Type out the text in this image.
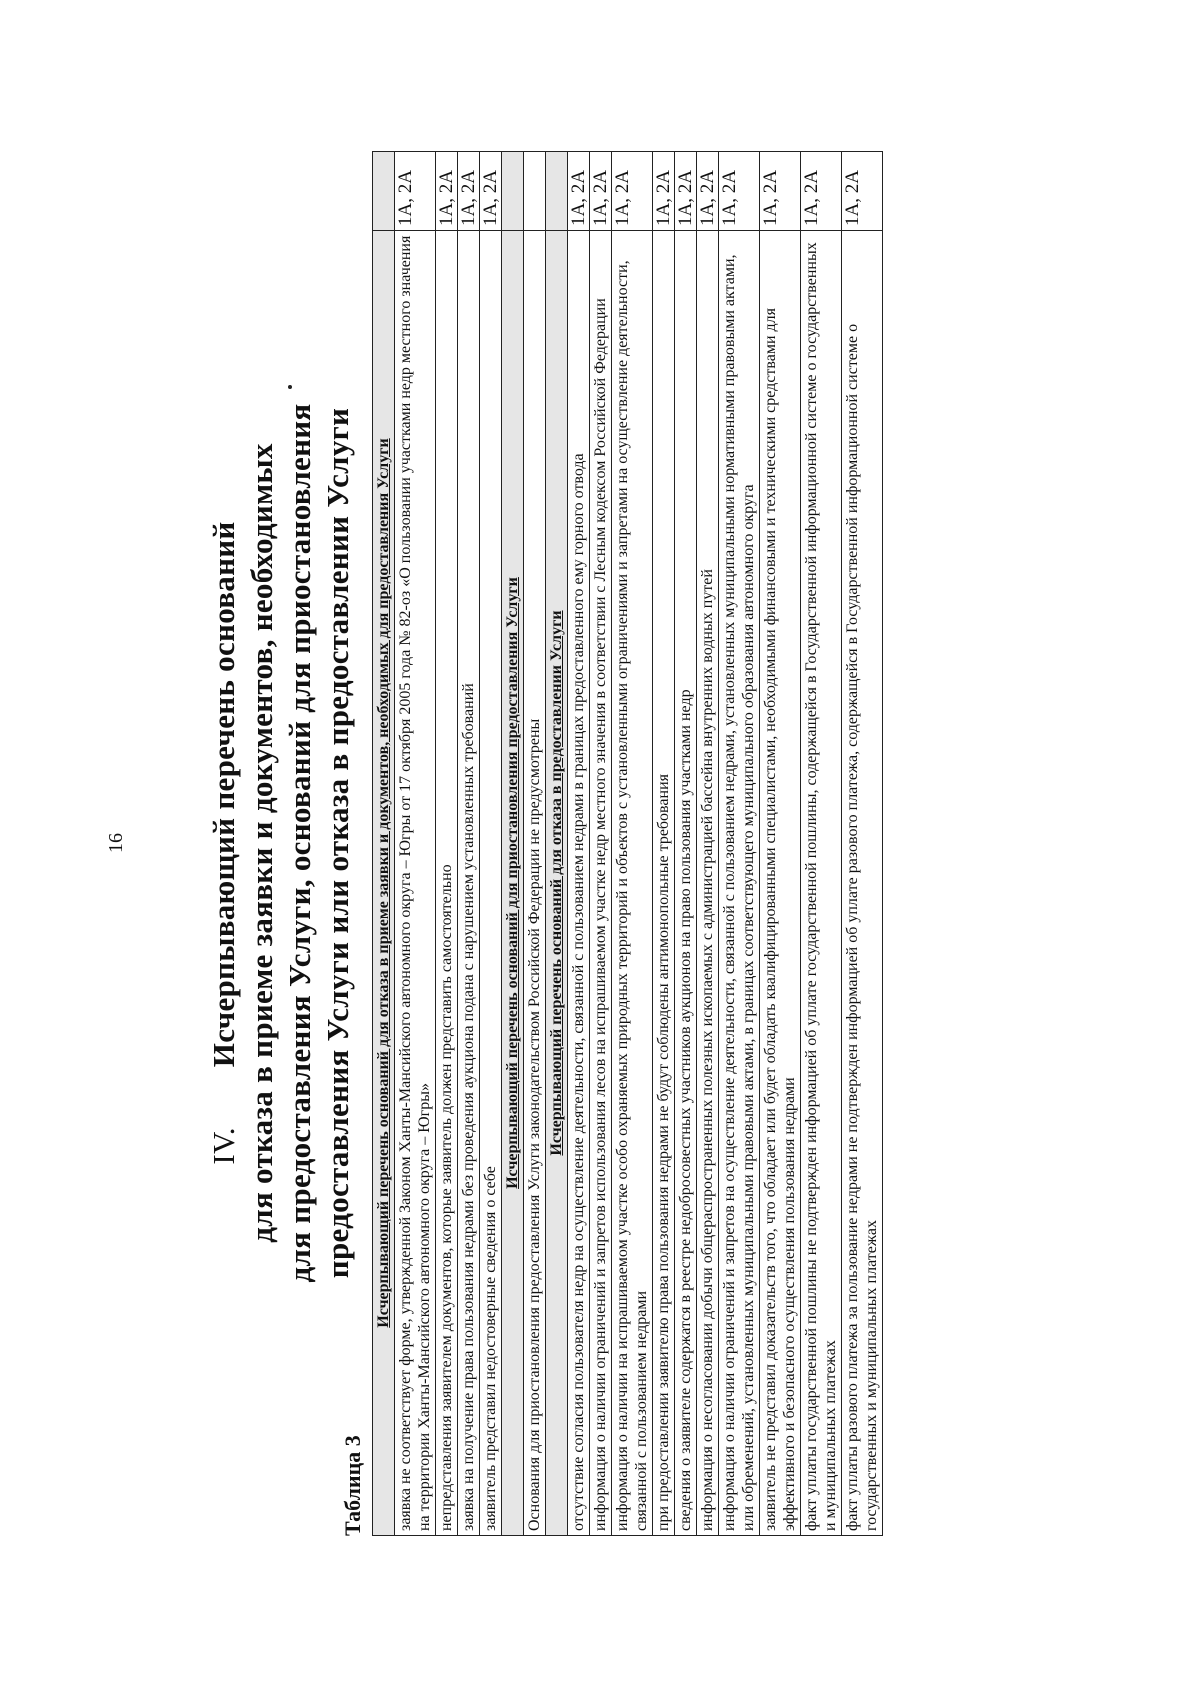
16
IV.Исчерпывающий перечень оснований для отказа в приеме заявки и документов, необходимых для предоставления Услуги, оснований для приостановления предоставления Услуги или отказа в предоставлении Услуги
Таблица 3
Исчерпывающий перечень оснований для отказа в приеме заявки и документов, необходимых для предоставления Услуги	
заявка не соответствует форме, утвержденной Законом Ханты-Мансийского автономного округа – Югры от 17 октября 2005 года № 82-оз «О пользовании участками недр местного значения на территории Ханты-Мансийского автономного округа – Югры»	1А, 2А
непредставления заявителем документов, которые заявитель должен представить самостоятельно	1А, 2А
заявка на получение права пользования недрами без проведения аукциона подана с нарушением установленных требований	1А, 2А
заявитель представил недостоверные сведения о себе	1А, 2А
Исчерпывающий перечень оснований для приостановления предоставления Услуги	
Основания для приостановления предоставления Услуги законодательством Российской Федерации не предусмотрены	
Исчерпывающий перечень оснований для отказа в предоставлении Услуги	
отсутствие согласия пользователя недр на осуществление деятельности, связанной с пользованием недрами в границах предоставленного ему горного отвода	1А, 2А
информация о наличии ограничений и запретов использования лесов на испрашиваемом участке недр местного значения в соответствии с Лесным кодексом Российской Федерации	1А, 2А
информация о наличии на испрашиваемом участке особо охраняемых природных территорий и объектов с установленными ограничениями и запретами на осуществление деятельности, связанной с пользованием недрами	1А, 2А
при предоставлении заявителю права пользования недрами не будут соблюдены антимонопольные требования	1А, 2А
сведения о заявителе содержатся в реестре недобросовестных участников аукционов на право пользования участками недр	1А, 2А
информация о несогласовании добычи общераспространенных полезных ископаемых с администрацией бассейна внутренних водных путей	1А, 2А
информация о наличии ограничений и запретов на осуществление деятельности, связанной с пользованием недрами, установленных муниципальными нормативными правовыми актами, или обременений, установленных муниципальными правовыми актами, в границах соответствующего муниципального образования автономного округа	1А, 2А
заявитель не представил доказательств того, что обладает или будет обладать квалифицированными специалистами, необходимыми финансовыми и техническими средствами для эффективного и безопасного осуществления пользования недрами	1А, 2А
факт уплаты государственной пошлины не подтвержден информацией об уплате государственной пошлины, содержащейся в Государственной информационной системе о государственных и муниципальных платежах	1А, 2А
факт уплаты разового платежа за пользование недрами не подтвержден информацией об уплате разового платежа, содержащейся в Государственной информационной системе о государственных и муниципальных платежах	1А, 2А
